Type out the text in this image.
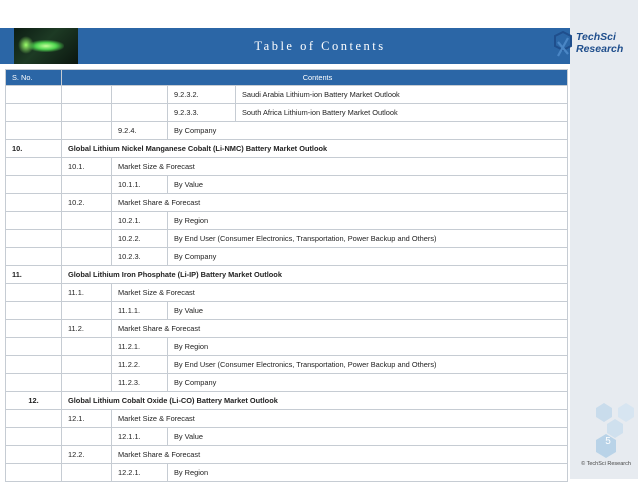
Table of Contents
TechSci
Research
S. No.	Contents			
			9.2.3.2.	Saudi Arabia Lithium-ion Battery Market Outlook
			9.2.3.3.	South Africa Lithium-ion Battery Market Outlook
		9.2.4.	By Company	
10.	Global Lithium Nickel Manganese Cobalt (Li-NMC) Battery Market Outlook			
	10.1.	Market Size & Forecast		
		10.1.1.	By Value	
	10.2.	Market Share & Forecast		
		10.2.1.	By Region	
		10.2.2.	By End User (Consumer Electronics, Transportation, Power Backup and Others)	
		10.2.3.	By Company	
11.	Global Lithium Iron Phosphate (Li-IP) Battery Market Outlook			
	11.1.	Market Size & Forecast		
		11.1.1.	By Value	
	11.2.	Market Share & Forecast		
		11.2.1.	By Region	
		11.2.2.	By End User (Consumer Electronics, Transportation, Power Backup and Others)	
		11.2.3.	By Company	
12.	Global Lithium Cobalt Oxide (Li-CO) Battery Market Outlook			
	12.1.	Market Size & Forecast		
		12.1.1.	By Value	
	12.2.	Market Share & Forecast		
		12.2.1.	By Region	
5
© TechSci Research
